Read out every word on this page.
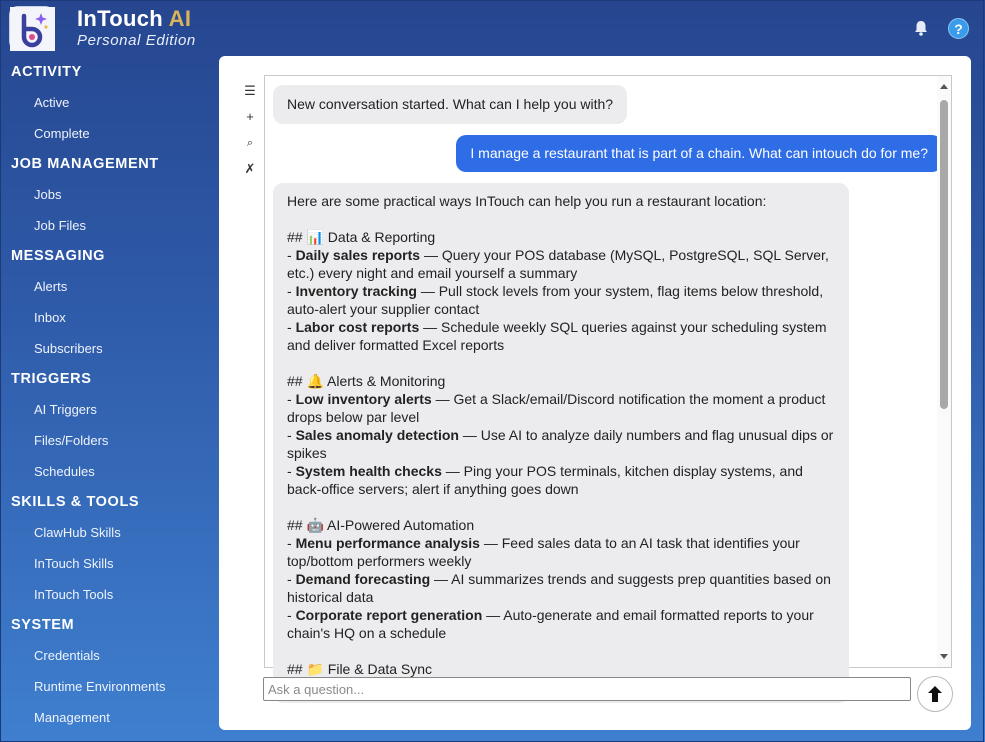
InTouch AI
Personal Edition
?
ACTIVITY
Active
Complete
JOB MANAGEMENT
Jobs
Job Files
MESSAGING
Alerts
Inbox
Subscribers
TRIGGERS
AI Triggers
Files/Folders
Schedules
SKILLS & TOOLS
ClawHub Skills
InTouch Skills
InTouch Tools
SYSTEM
Credentials
Runtime Environments
Management
☰
+
⌕
✗
New conversation started. What can I help you with?
I manage a restaurant that is part of a chain. What can intouch do for me?
Here are some practical ways InTouch can help you run a restaurant location:
## 📊 Data & Reporting
- Daily sales reports — Query your POS database (MySQL, PostgreSQL, SQL Server,
etc.) every night and email yourself a summary
- Inventory tracking — Pull stock levels from your system, flag items below threshold,
auto-alert your supplier contact
- Labor cost reports — Schedule weekly SQL queries against your scheduling system
and deliver formatted Excel reports
## 🔔 Alerts & Monitoring
- Low inventory alerts — Get a Slack/email/Discord notification the moment a product
drops below par level
- Sales anomaly detection — Use AI to analyze daily numbers and flag unusual dips or
spikes
- System health checks — Ping your POS terminals, kitchen display systems, and
back-office servers; alert if anything goes down
## 🤖 AI-Powered Automation
- Menu performance analysis — Feed sales data to an AI task that identifies your
top/bottom performers weekly
- Demand forecasting — AI summarizes trends and suggests prep quantities based on
historical data
- Corporate report generation — Auto-generate and email formatted reports to your
chain's HQ on a schedule
## 📁 File & Data Sync
Ask a question...
